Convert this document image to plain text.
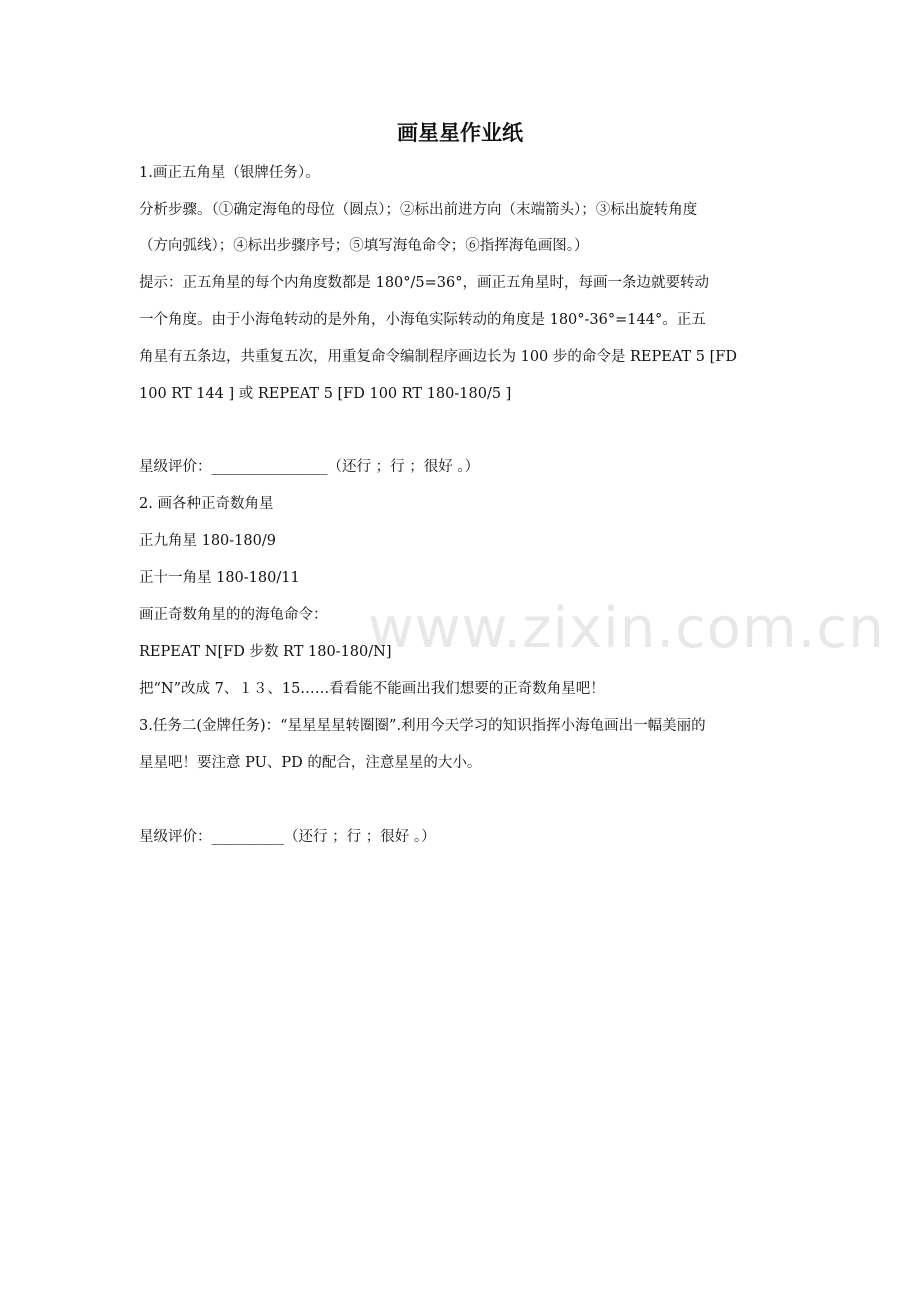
画星星作业纸
1.画正五角星（银牌任务）。
分析步骤。（①确定海龟的母位（圆点）；②标出前进方向（末端箭头）；③标出旋转角度
（方向弧线）；④标出步骤序号；⑤填写海龟命令；⑥指挥海龟画图。）
提示：正五角星的每个内角度数都是 180°/5=36°，画正五角星时，每画一条边就要转动
一个角度。由于小海龟转动的是外角，小海龟实际转动的角度是 180°-36°=144°。正五
角星有五条边，共重复五次，用重复命令编制程序画边长为 100 步的命令是 REPEAT 5 [FD
100 RT 144 ] 或 REPEAT 5 [FD 100 RT 180-180/5 ]
星级评价：________________（还行 ；行 ；很好 。）
2. 画各种正奇数角星
正九角星 180-180/9
正十一角星 180-180/11
画正奇数角星的的海龟命令：
REPEAT N[FD 步数 RT 180-180/N]
把“N”改成 7、１３、15……看看能不能画出我们想要的正奇数角星吧！
3.任务二(金牌任务)：“星星星星转圈圈”.利用今天学习的知识指挥小海龟画出一幅美丽的
星星吧！要注意 PU、PD 的配合，注意星星的大小。
星级评价：__________（还行 ；行 ；很好 。）
www.zixin.com.cn
